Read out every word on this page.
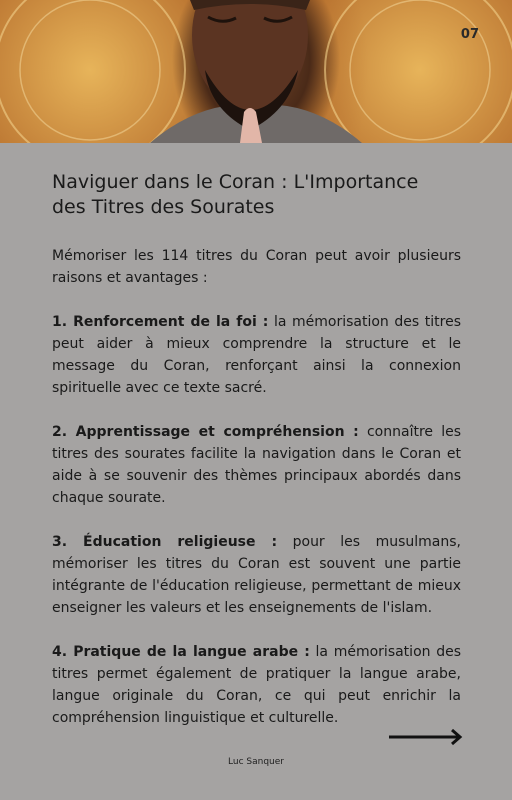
07
Naviguer dans le Coran : L'Importance des Titres des Sourates

Mémoriser les 114 titres du Coran peut avoir plusieurs raisons et avantages :

1. Renforcement de la foi : la mémorisation des titres peut aider à mieux comprendre la structure et le message du Coran, renforçant ainsi la connexion spirituelle avec ce texte sacré.

2. Apprentissage et compréhension : connaître les titres des sourates facilite la navigation dans le Coran et aide à se souvenir des thèmes principaux abordés dans chaque sourate.

3. Éducation religieuse : pour les musulmans, mémoriser les titres du Coran est souvent une partie intégrante de l'éducation religieuse, permettant de mieux enseigner les valeurs et les enseignements de l'islam.

4. Pratique de la langue arabe : la mémorisation des titres permet également de pratiquer la langue arabe, langue originale du Coran, ce qui peut enrichir la compréhension linguistique et culturelle.

Luc Sanquer
